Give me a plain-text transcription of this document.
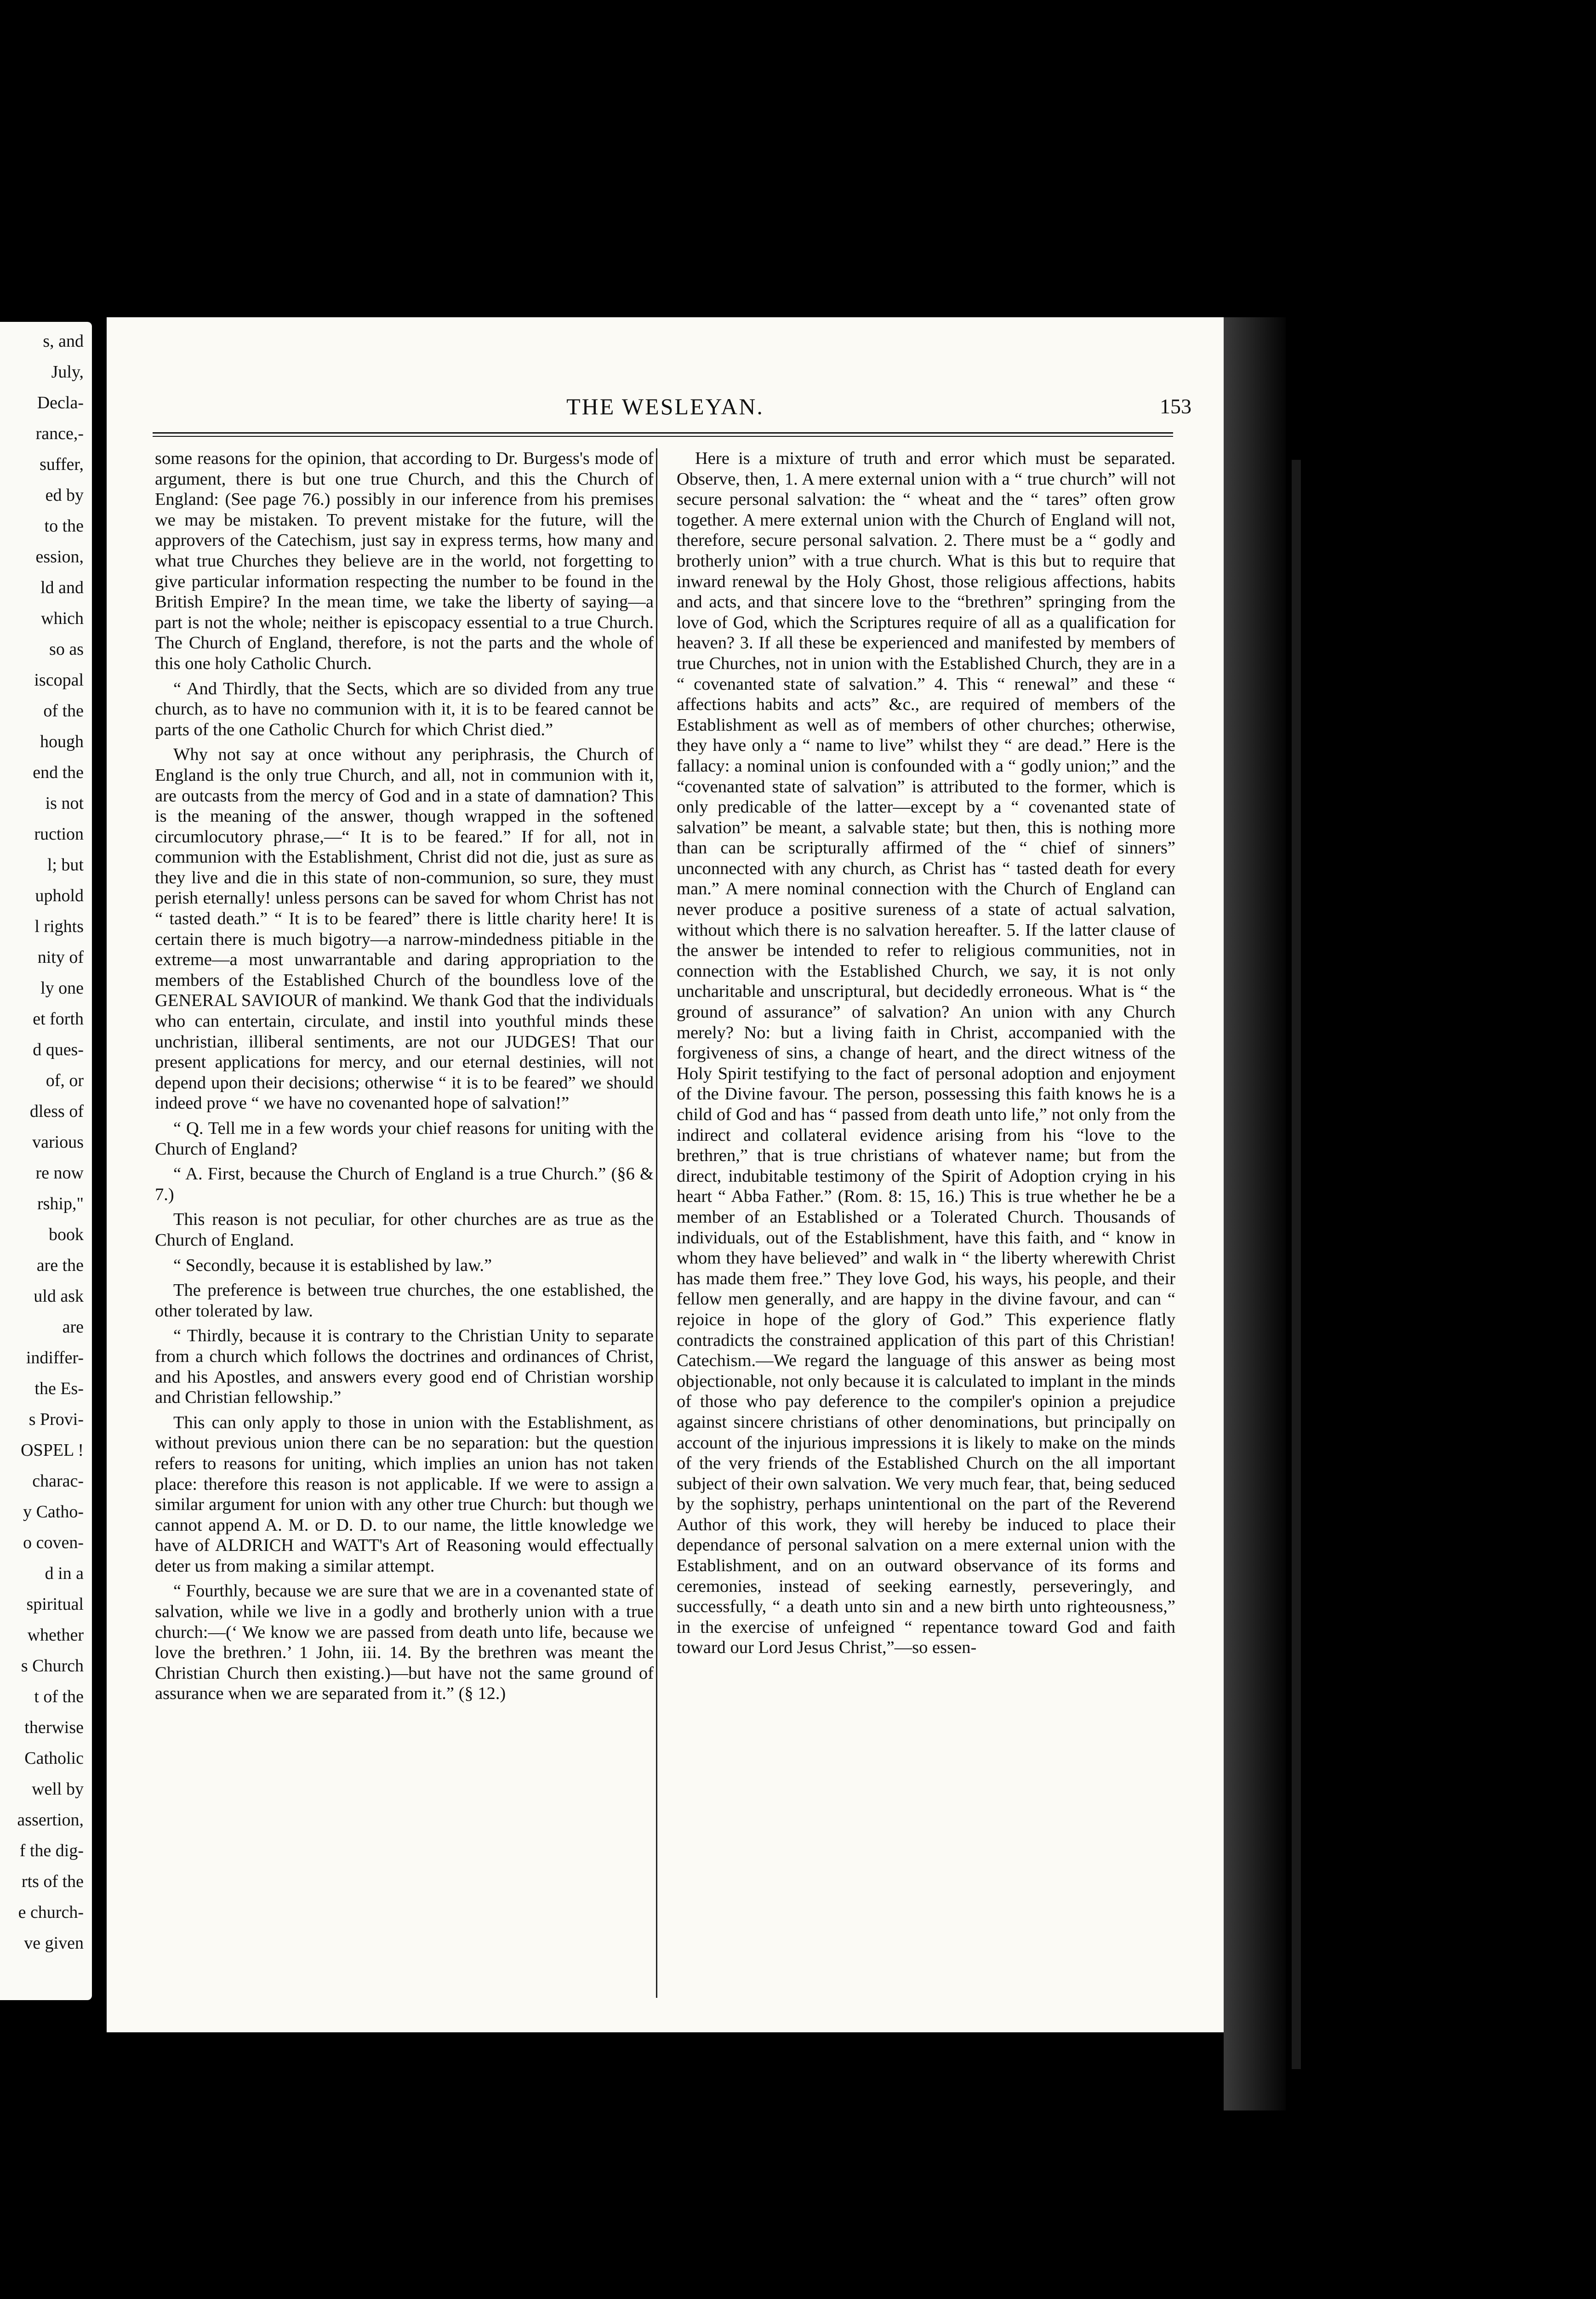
s, and
July,
Decla-
rance,-
suffer,
ed by
to the
ession,
ld and
which
so as
iscopal
of the
hough
end the
is not
ruction
l; but
uphold
l rights
nity of
ly one
et forth
d ques-
of, or
dless of
various
re now
rship,"
book
are the
uld ask
are
indiffer-
the Es-
s Provi-
OSPEL !
charac-
y Catho-
o coven-
d in a
spiritual
whether
s Church
t of the
therwise
Catholic
well by
assertion,
f the dig-
rts of the
e church-
ve given
THE WESLEYAN.	153

some reasons for the opinion, that according to Dr. Burgess's mode of argument, there is but one true Church, and this the Church of England: (See page 76.) possibly in our inference from his premises we may be mistaken. To prevent mistake for the future, will the approvers of the Catechism, just say in express terms, how many and what true Churches they believe are in the world, not forgetting to give particular information respecting the number to be found in the British Empire? In the mean time, we take the liberty of saying—a part is not the whole; neither is episcopacy essential to a true Church. The Church of England, therefore, is not the parts and the whole of this one holy Catholic Church.

“ And Thirdly, that the Sects, which are so divided from any true church, as to have no communion with it, it is to be feared cannot be parts of the one Catholic Church for which Christ died.”

Why not say at once without any periphrasis, the Church of England is the only true Church, and all, not in communion with it, are outcasts from the mercy of God and in a state of damnation? This is the meaning of the answer, though wrapped in the softened circumlocutory phrase,—“ It is to be feared.” If for all, not in communion with the Establishment, Christ did not die, just as sure as they live and die in this state of non-communion, so sure, they must perish eternally! unless persons can be saved for whom Christ has not “ tasted death.” “ It is to be feared” there is little charity here! It is certain there is much bigotry—a narrow-mindedness pitiable in the extreme—a most unwarrantable and daring appropriation to the members of the Established Church of the boundless love of the GENERAL SAVIOUR of mankind. We thank God that the individuals who can entertain, circulate, and instil into youthful minds these unchristian, illiberal sentiments, are not our JUDGES! That our present applications for mercy, and our eternal destinies, will not depend upon their decisions; otherwise “ it is to be feared” we should indeed prove “ we have no covenanted hope of salvation!”

“ Q. Tell me in a few words your chief reasons for uniting with the Church of England?

“ A. First, because the Church of England is a true Church.” (§6 & 7.)

This reason is not peculiar, for other churches are as true as the Church of England.

“ Secondly, because it is established by law.”

The preference is between true churches, the one established, the other tolerated by law.

“ Thirdly, because it is contrary to the Christian Unity to separate from a church which follows the doctrines and ordinances of Christ, and his Apostles, and answers every good end of Christian worship and Christian fellowship.”

This can only apply to those in union with the Establishment, as without previous union there can be no separation: but the question refers to reasons for uniting, which implies an union has not taken place: therefore this reason is not applicable. If we were to assign a similar argument for union with any other true Church: but though we cannot append A. M. or D. D. to our name, the little knowledge we have of ALDRICH and WATT's Art of Reasoning would effectually deter us from making a similar attempt.

“ Fourthly, because we are sure that we are in a covenanted state of salvation, while we live in a godly and brotherly union with a true church:—(‘ We know we are passed from death unto life, because we love the brethren.’ 1 John, iii. 14. By the brethren was meant the Christian Church then existing.)—but have not the same ground of assurance when we are separated from it.” (§ 12.)

Here is a mixture of truth and error which must be separated. Observe, then, 1. A mere external union with a “ true church” will not secure personal salvation: the “ wheat and the “ tares” often grow together. A mere external union with the Church of England will not, therefore, secure personal salvation. 2. There must be a “ godly and brotherly union” with a true church. What is this but to require that inward renewal by the Holy Ghost, those religious affections, habits and acts, and that sincere love to the “brethren” springing from the love of God, which the Scriptures require of all as a qualification for heaven? 3. If all these be experienced and manifested by members of true Churches, not in union with the Established Church, they are in a “ covenanted state of salvation.” 4. This “ renewal” and these “ affections habits and acts” &c., are required of members of the Establishment as well as of members of other churches; otherwise, they have only a “ name to live” whilst they “ are dead.” Here is the fallacy: a nominal union is confounded with a “ godly union;” and the “covenanted state of salvation” is attributed to the former, which is only predicable of the latter—except by a “ covenanted state of salvation” be meant, a salvable state; but then, this is nothing more than can be scripturally affirmed of the “ chief of sinners” unconnected with any church, as Christ has “ tasted death for every man.” A mere nominal connection with the Church of England can never produce a positive sureness of a state of actual salvation, without which there is no salvation hereafter. 5. If the latter clause of the answer be intended to refer to religious communities, not in connection with the Established Church, we say, it is not only uncharitable and unscriptural, but decidedly erroneous. What is “ the ground of assurance” of salvation? An union with any Church merely? No: but a living faith in Christ, accompanied with the forgiveness of sins, a change of heart, and the direct witness of the Holy Spirit testifying to the fact of personal adoption and enjoyment of the Divine favour. The person, possessing this faith knows he is a child of God and has “ passed from death unto life,” not only from the indirect and collateral evidence arising from his “love to the brethren,” that is true christians of whatever name; but from the direct, indubitable testimony of the Spirit of Adoption crying in his heart “ Abba Father.” (Rom. 8: 15, 16.) This is true whether he be a member of an Established or a Tolerated Church. Thousands of individuals, out of the Establishment, have this faith, and “ know in whom they have believed” and walk in “ the liberty wherewith Christ has made them free.” They love God, his ways, his people, and their fellow men generally, and are happy in the divine favour, and can “ rejoice in hope of the glory of God.” This experience flatly contradicts the constrained application of this part of this Christian! Catechism.—We regard the language of this answer as being most objectionable, not only because it is calculated to implant in the minds of those who pay deference to the compiler's opinion a prejudice against sincere christians of other denominations, but principally on account of the injurious impressions it is likely to make on the minds of the very friends of the Established Church on the all important subject of their own salvation. We very much fear, that, being seduced by the sophistry, perhaps unintentional on the part of the Reverend Author of this work, they will hereby be induced to place their dependance of personal salvation on a mere external union with the Establishment, and on an outward observance of its forms and ceremonies, instead of seeking earnestly, perseveringly, and successfully, “ a death unto sin and a new birth unto righteousness,” in the exercise of unfeigned “ repentance toward God and faith toward our Lord Jesus Christ,”—so essen-
